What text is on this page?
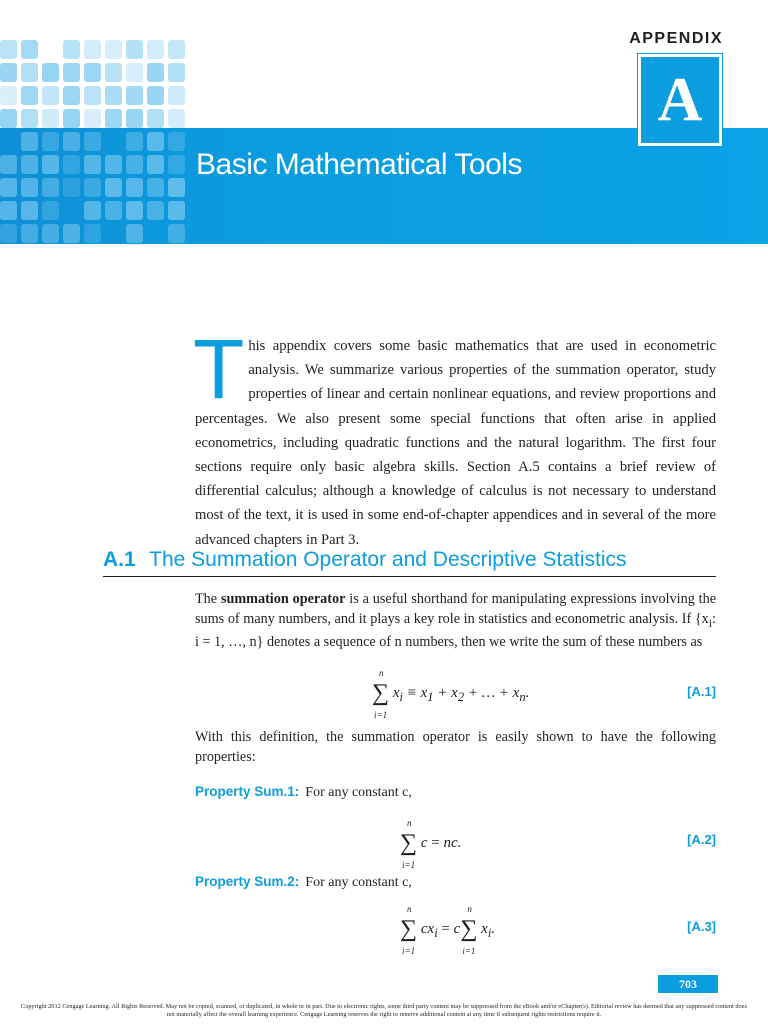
APPENDIX
A
Basic Mathematical Tools
T his appendix covers some basic mathematics that are used in econometric analysis. We summarize various properties of the summation operator, study properties of linear and certain nonlinear equations, and review proportions and percentages. We also present some special functions that often arise in applied econometrics, including quadratic functions and the natural logarithm. The first four sections require only basic algebra skills. Section A.5 contains a brief review of differential calculus; although a knowledge of calculus is not necessary to understand most of the text, it is used in some end-of-chapter appendices and in several of the more advanced chapters in Part 3.
A.1 The Summation Operator and Descriptive Statistics
The summation operator is a useful shorthand for manipulating expressions involving the sums of many numbers, and it plays a key role in statistics and econometric analysis. If {$x_i$: i = 1, …, n} denotes a sequence of n numbers, then we write the sum of these numbers as
∑
n
i=1
$x_i \equiv x_1 + x_2$ + … + $x_n$.	[A.1]
With this definition, the summation operator is easily shown to have the following properties:
Property Sum.1: For any constant c,
∑
n
i=1
c = nc.	[A.2]
Property Sum.2: For any constant c,
∑
n
i=1
$cx_i = c\sum$
n
i=1
$x_i$.	[A.3]
703
Copyright 2012 Cengage Learning. All Rights Reserved. May not be copied, scanned, or duplicated, in whole or in part. Due to electronic rights, some third party content may be suppressed from the eBook and/or eChapter(s). Editorial review has deemed that any suppressed content does not materially affect the overall learning experience. Cengage Learning reserves the right to remove additional content at any time if subsequent rights restrictions require it.
